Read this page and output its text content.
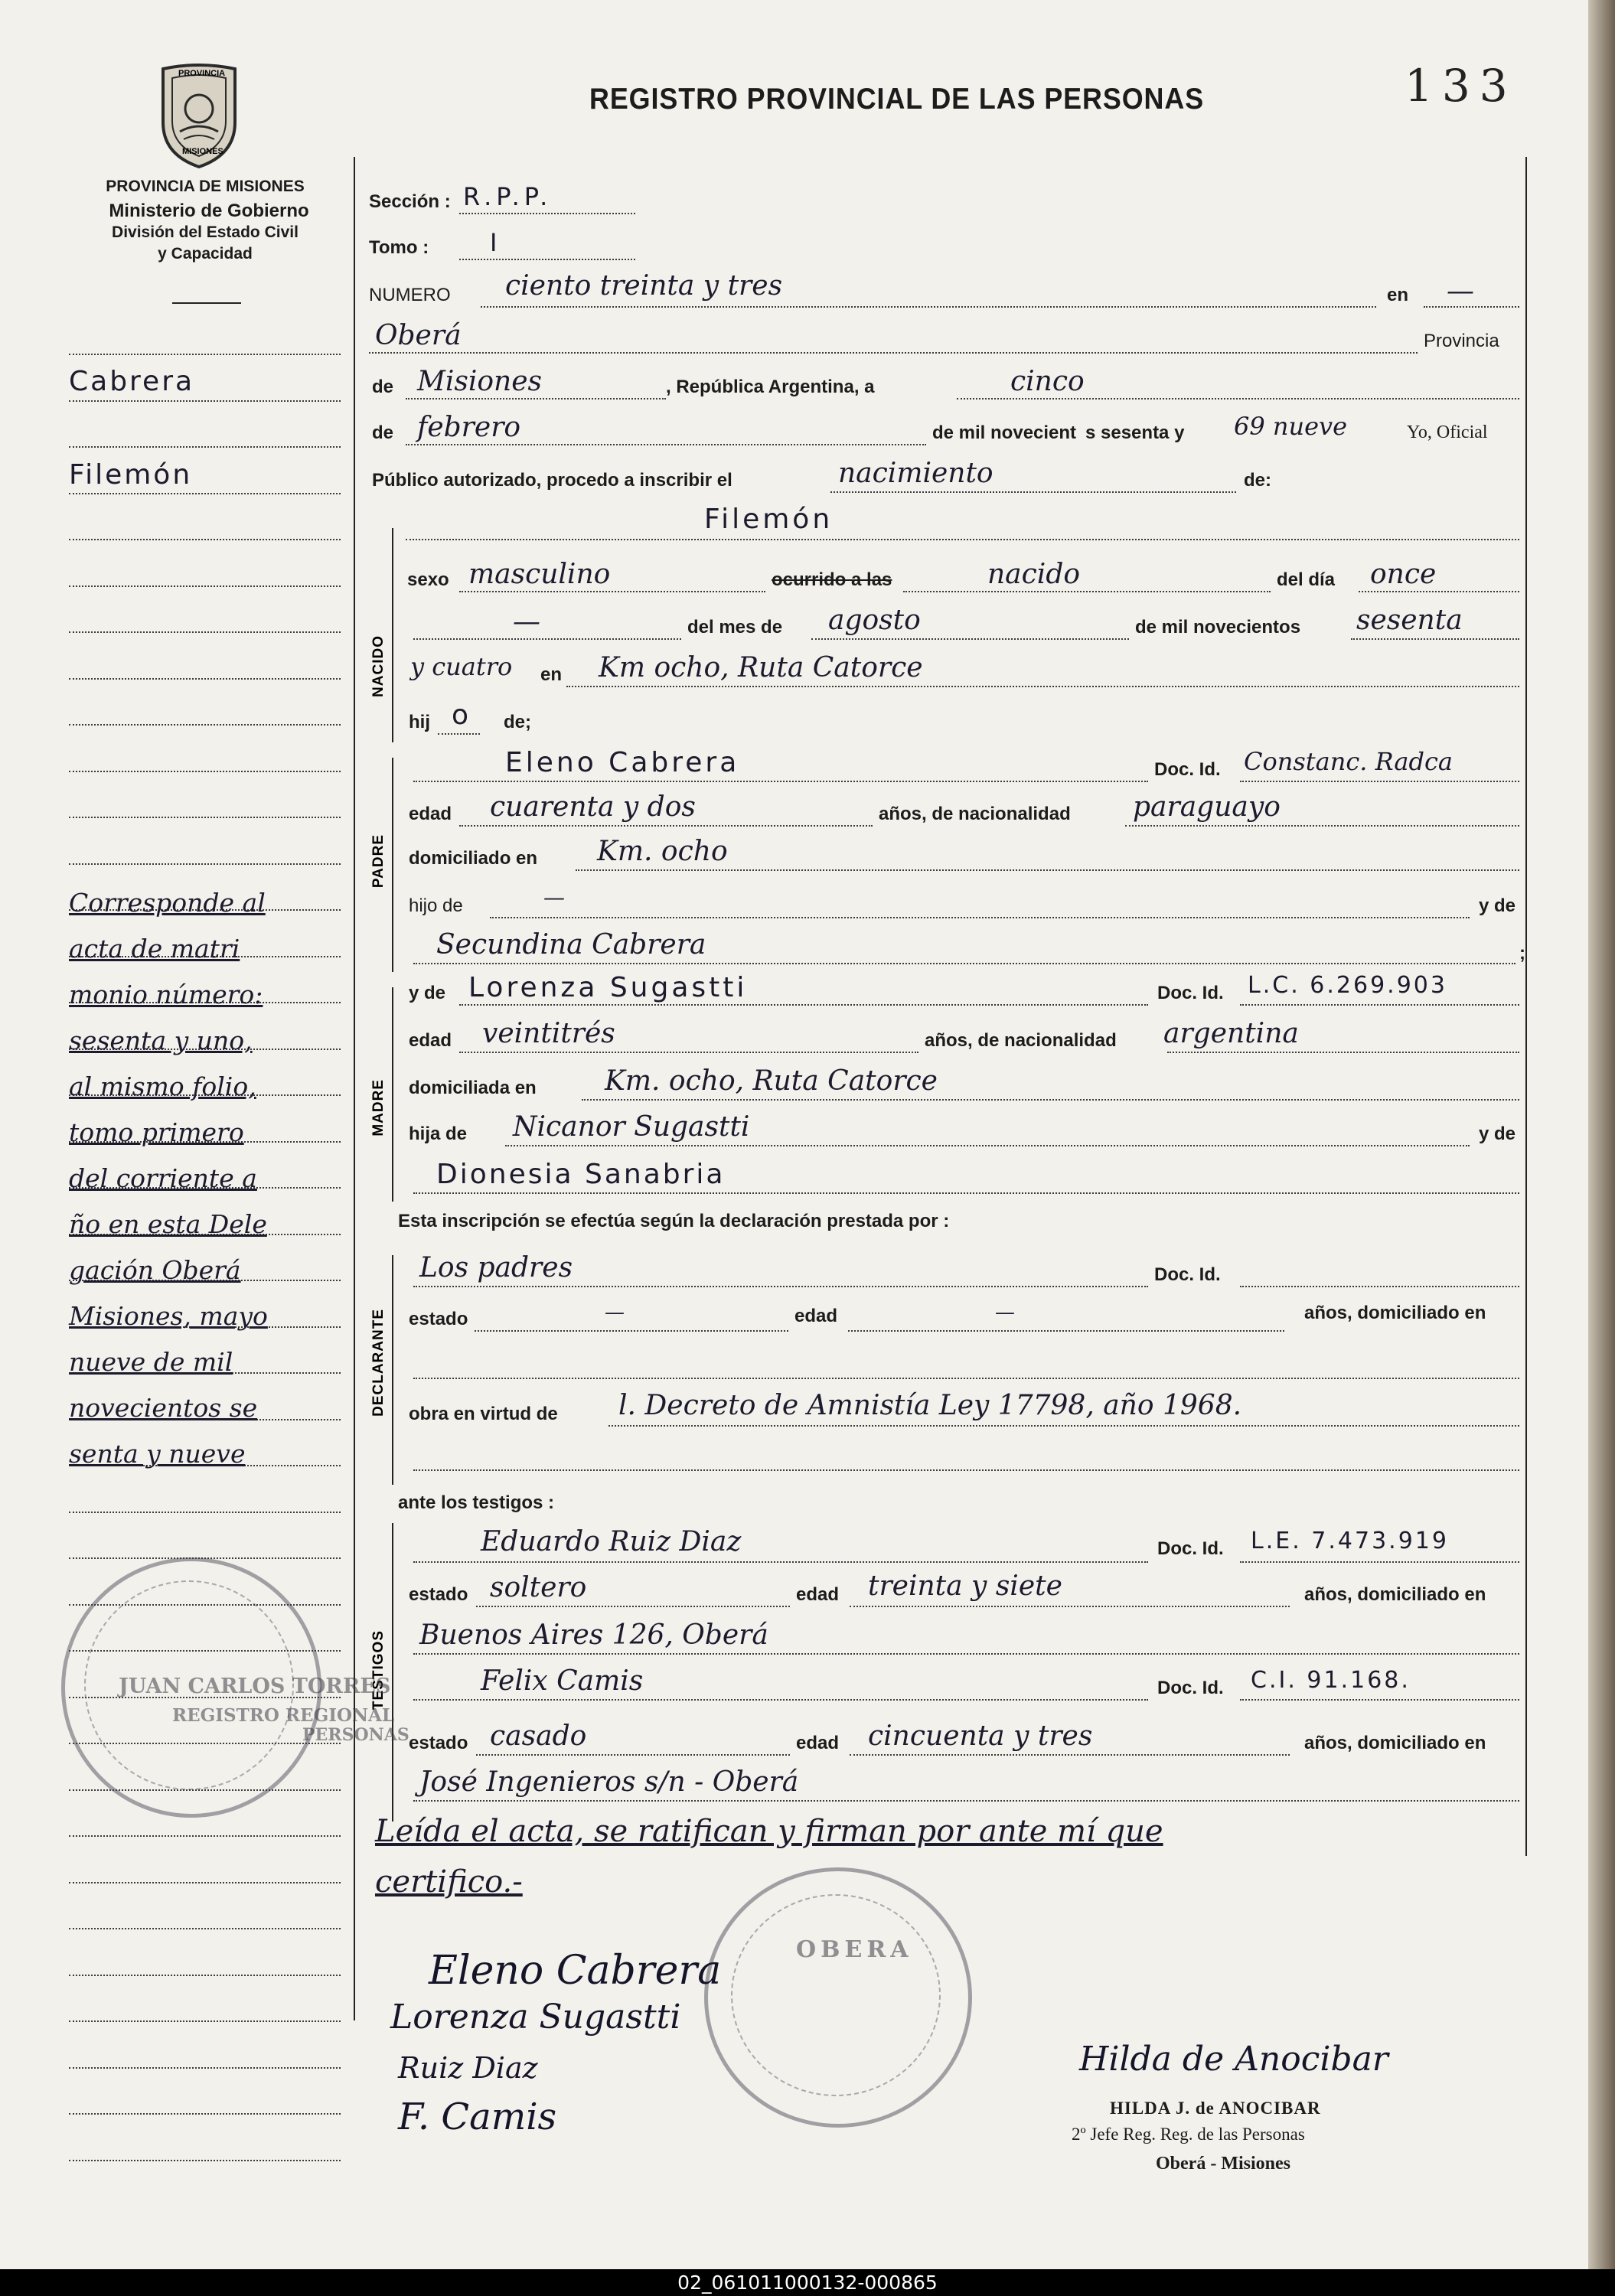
133
PROVINCIA
MISIONES
PROVINCIA DE MISIONES
Ministerio de Gobierno
División del Estado Civil
y Capacidad
REGISTRO PROVINCIAL DE LAS PERSONAS
Cabrera
Filemón
Corresponde al
acta de matri
monio número:
sesenta y uno,
al mismo folio,
tomo primero
del corriente a
ño en esta Dele
gación Oberá
Misiones, mayo
nueve de mil
novecientos se
senta y nueve
Sección : R.P.P.
Tomo : I
NUMERO ciento treinta y tres	en —
Oberá	Provincia
de Misiones	, República Argentina, a	cinco
de febrero	de mil novecient s sesenta y 69 nueve	Yo, Oficial
Público autorizado, procedo a inscribir el	nacimiento	de:
NACIDO
PADRE
MADRE
DECLARANTE
TESTIGOS
Filemón
sexo masculino	ocurrido a las	nacido	del día once
—	del mes de agosto	de mil novecientos sesenta
y cuatro en Km ocho, Ruta Catorce
hij o de;
Eleno Cabrera	Doc. Id. Constanc. Radca
edad cuarenta y dos	años, de nacionalidad paraguayo
domiciliado en Km. ocho
hijo de	—	y de
Secundina Cabrera	;
y de Lorenza Sugastti	Doc. Id. L.C. 6.269.903
edad veintitrés	años, de nacionalidad argentina
domiciliada en Km. ocho, Ruta Catorce
hija de Nicanor Sugastti	y de
Dionesia Sanabria
Esta inscripción se efectúa según la declaración prestada por :
Los padres	Doc. Id.
estado	—	edad	—	años, domiciliado en
obra en virtud de l. Decreto de Amnistía Ley 17798, año 1968.
ante los testigos :
Eduardo Ruiz Diaz	Doc. Id. L.E. 7.473.919
estado soltero	edad treinta y siete	años, domiciliado en
Buenos Aires 126, Oberá
Felix Camis	Doc. Id. C.I. 91.168.
estado casado	edad cincuenta y tres	años, domiciliado en
José Ingenieros s/n - Oberá
Leída el acta, se ratifican y firman por ante mí que
certifico.-
JUAN CARLOS TORRES
REGISTRO REGIONAL
PERSONAS
OBERA
Eleno Cabrera
Lorenza Sugastti
Ruiz Diaz
F. Camis
Hilda de Anocibar
HILDA J. de ANOCIBAR
2º Jefe Reg. Reg. de las Personas
Oberá - Misiones
02_061011000132-000865
